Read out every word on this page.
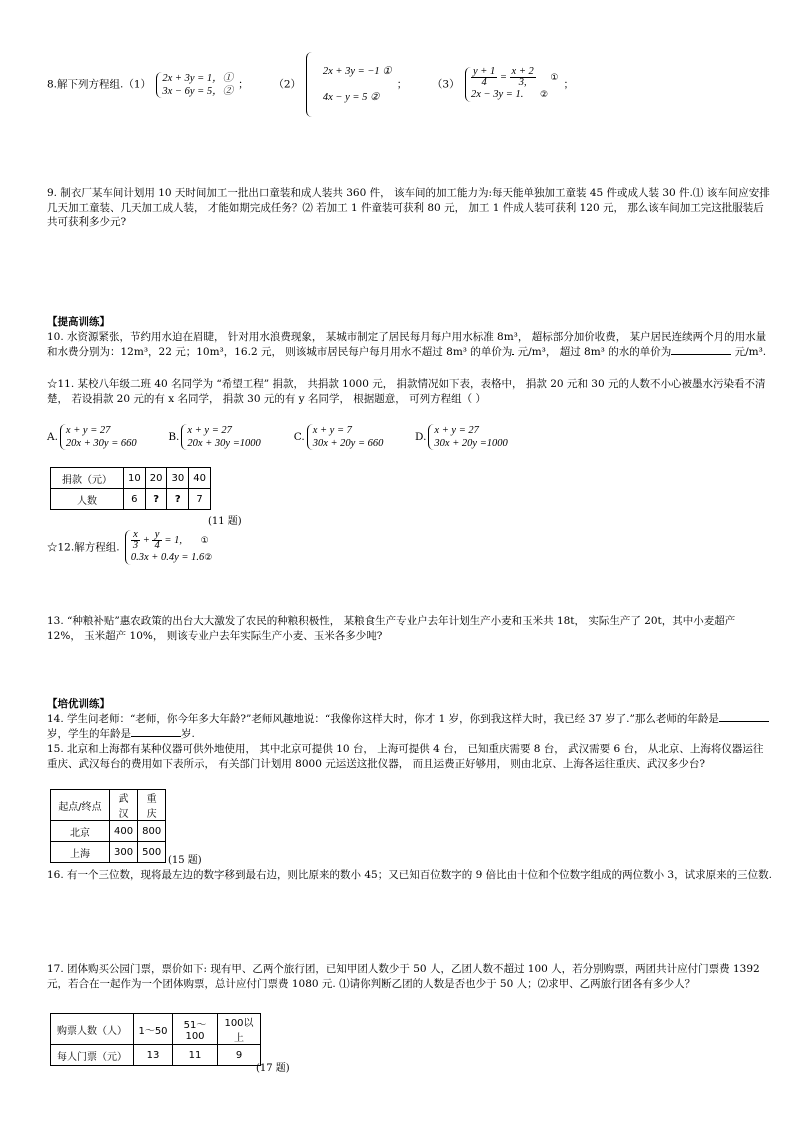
8.解下列方程组.（1） 2x + 3y = 1，①
3x − 6y = 5，②； （2）
2x + 3y = −1 ①

4x − y = 5 ②
； $(3) \frac{y + 1}{4} = \frac{x + 2}{3,}$ ①
2x − 3y = 1. ②；
9. 制衣厂某车间计划用 10 天时间加工一批出口童装和成人装共 360 件， 该车间的加工能力为:每天能单独加工童装 45 件或成人装 30 件.⑴ 该车间应安排几天加工童装、几天加工成人装， 才能如期完成任务？⑵ 若加工 1 件童装可获利 80 元， 加工 1 件成人装可获利 120 元， 那么该车间加工完这批服装后共可获利多少元?
【提高训练】
10. 水资源紧张，节约用水迫在眉睫， 针对用水浪费现象， 某城市制定了居民每月每户用水标准 8m³， 超标部分加价收费， 某户居民连续两个月的用水量和水费分别为：12m³，22 元；10m³，16.2 元， 则该城市居民每户每月用水不超过 8m³ 的单价为 元/m³， 超过 8m³ 的水的单价为	元/m³.
☆11. 某校八年级二班 40 名同学为 “希望工程” 捐款， 共捐款 1000 元， 捐款情况如下表，表格中， 捐款 20 元和 30 元的人数不小心被墨水污染看不清楚， 若设捐款 20 元的有 x 名同学， 捐款 30 元的有 y 名同学， 根据题意， 可列方程组（ ）
A.x + y = 27
20x + 30y = 660 B.x + y = 27
20x + 30y =1000 C.x + y = 7
30x + 20y = 660 D.x + y = 27
30x + 20y =1000
捐款（元）	10	20	30	40
人数	6	?	?	7
(11 题)
☆12.解方程组. $\frac{x}{3} + \frac{y}{4} = 1$, ①
0.3x + 0.4y = 1.6②
13. “种粮补贴”惠农政策的出台大大激发了农民的种粮积极性， 某粮食生产专业户去年计划生产小麦和玉米共 18t， 实际生产了 20t，其中小麦超产 12%， 玉米超产 10%， 则该专业户去年实际生产小麦、玉米各多少吨?
【培优训练】
14. 学生问老师：“老师，你今年多大年龄?”老师风趣地说：“我像你这样大时，你才 1 岁，你到我这样大时，我已经 37 岁了.”那么老师的年龄是岁，学生的年龄是	岁.
15. 北京和上海都有某种仪器可供外地使用， 其中北京可提供 10 台， 上海可提供 4 台， 已知重庆需要 8 台， 武汉需要 6 台， 从北京、上海将仪器运往重庆、武汉每台的费用如下表所示， 有关部门计划用 8000 元运送这批仪器， 而且运费正好够用， 则由北京、上海各运往重庆、武汉多少台?
起点/终点	武汉	重庆
北京	400	800
上海	300	500
(15 题)
16. 有一个三位数，现将最左边的数字移到最右边，则比原来的数小 45；又已知百位数字的 9 倍比由十位和个位数字组成的两位数小 3，试求原来的三位数.
17. 团体购买公园门票，票价如下: 现有甲、乙两个旅行团，已知甲团人数少于 50 人，乙团人数不超过 100 人，若分别购票，两团共计应付门票费 1392 元，若合在一起作为一个团体购票，总计应付门票费 1080 元. ⑴请你判断乙团的人数是否也少于 50 人；⑵求甲、乙两旅行团各有多少人？
购票人数（人）	1～50	51～100	100以上
每人门票（元）	13	11	9
(17 题)
